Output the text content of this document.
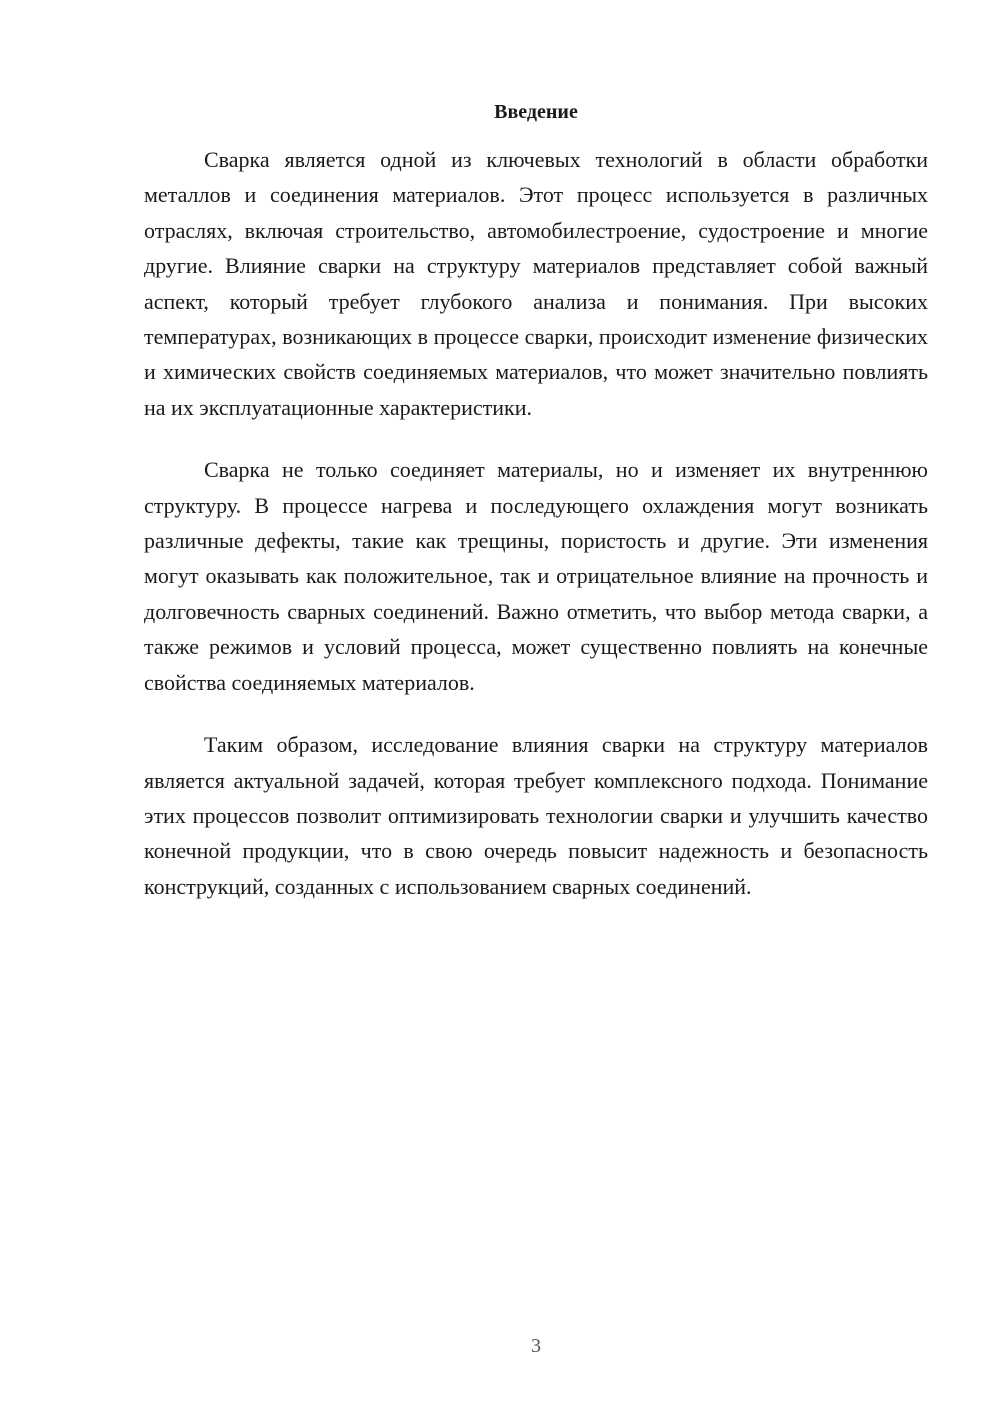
Введение

Сварка является одной из ключевых технологий в области обработки металлов и соединения материалов. Этот процесс используется в различных отраслях, включая строительство, автомобилестроение, судостроение и многие другие. Влияние сварки на структуру материалов представляет собой важный аспект, который требует глубокого анализа и понимания. При высоких температурах, возникающих в процессе сварки, происходит изменение физических и химических свойств соединяемых материалов, что может значительно повлиять на их эксплуатационные характеристики.

Сварка не только соединяет материалы, но и изменяет их внутреннюю структуру. В процессе нагрева и последующего охлаждения могут возникать различные дефекты, такие как трещины, пористость и другие. Эти изменения могут оказывать как положительное, так и отрицательное влияние на прочность и долговечность сварных соединений. Важно отметить, что выбор метода сварки, а также режимов и условий процесса, может существенно повлиять на конечные свойства соединяемых материалов.

Таким образом, исследование влияния сварки на структуру материалов является актуальной задачей, которая требует комплексного подхода. Понимание этих процессов позволит оптимизировать технологии сварки и улучшить качество конечной продукции, что в свою очередь повысит надежность и безопасность конструкций, созданных с использованием сварных соединений.

3
